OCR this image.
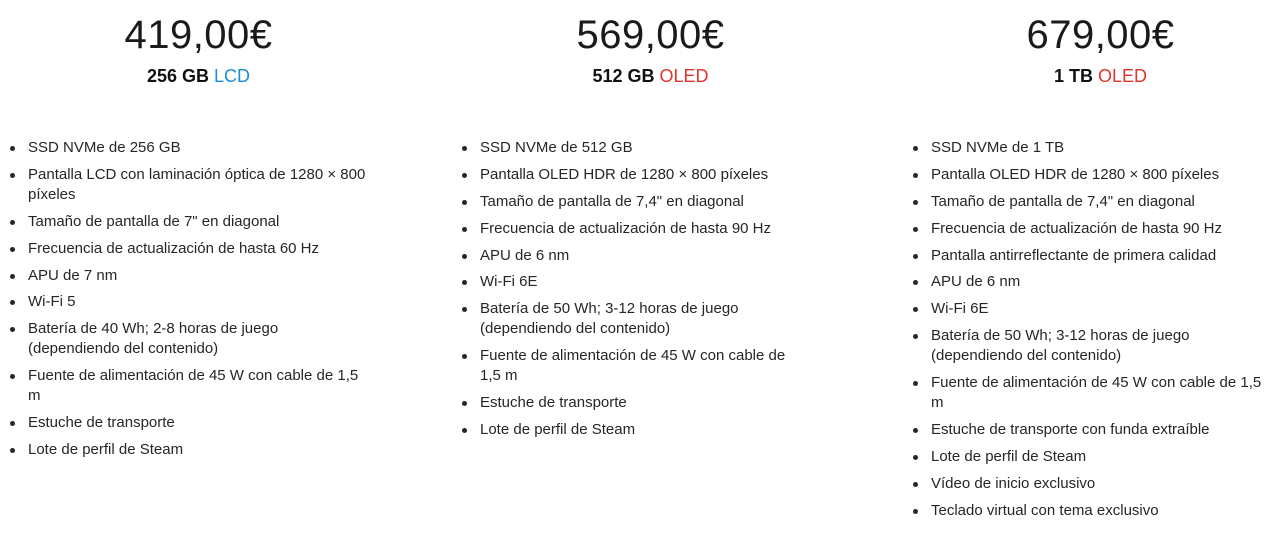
419,00€
256 GB LCD
SSD NVMe de 256 GB
Pantalla LCD con laminación óptica de 1280 × 800 píxeles
Tamaño de pantalla de 7" en diagonal
Frecuencia de actualización de hasta 60 Hz
APU de 7 nm
Wi-Fi 5
Batería de 40 Wh; 2-8 horas de juego (dependiendo del contenido)
Fuente de alimentación de 45 W con cable de 1,5 m
Estuche de transporte
Lote de perfil de Steam
569,00€
512 GB OLED
SSD NVMe de 512 GB
Pantalla OLED HDR de 1280 × 800 píxeles
Tamaño de pantalla de 7,4" en diagonal
Frecuencia de actualización de hasta 90 Hz
APU de 6 nm
Wi-Fi 6E
Batería de 50 Wh; 3-12 horas de juego (dependiendo del contenido)
Fuente de alimentación de 45 W con cable de 1,5 m
Estuche de transporte
Lote de perfil de Steam
679,00€
1 TB OLED
SSD NVMe de 1 TB
Pantalla OLED HDR de 1280 × 800 píxeles
Tamaño de pantalla de 7,4" en diagonal
Frecuencia de actualización de hasta 90 Hz
Pantalla antirreflectante de primera calidad
APU de 6 nm
Wi-Fi 6E
Batería de 50 Wh; 3-12 horas de juego (dependiendo del contenido)
Fuente de alimentación de 45 W con cable de 1,5 m
Estuche de transporte con funda extraíble
Lote de perfil de Steam
Vídeo de inicio exclusivo
Teclado virtual con tema exclusivo
